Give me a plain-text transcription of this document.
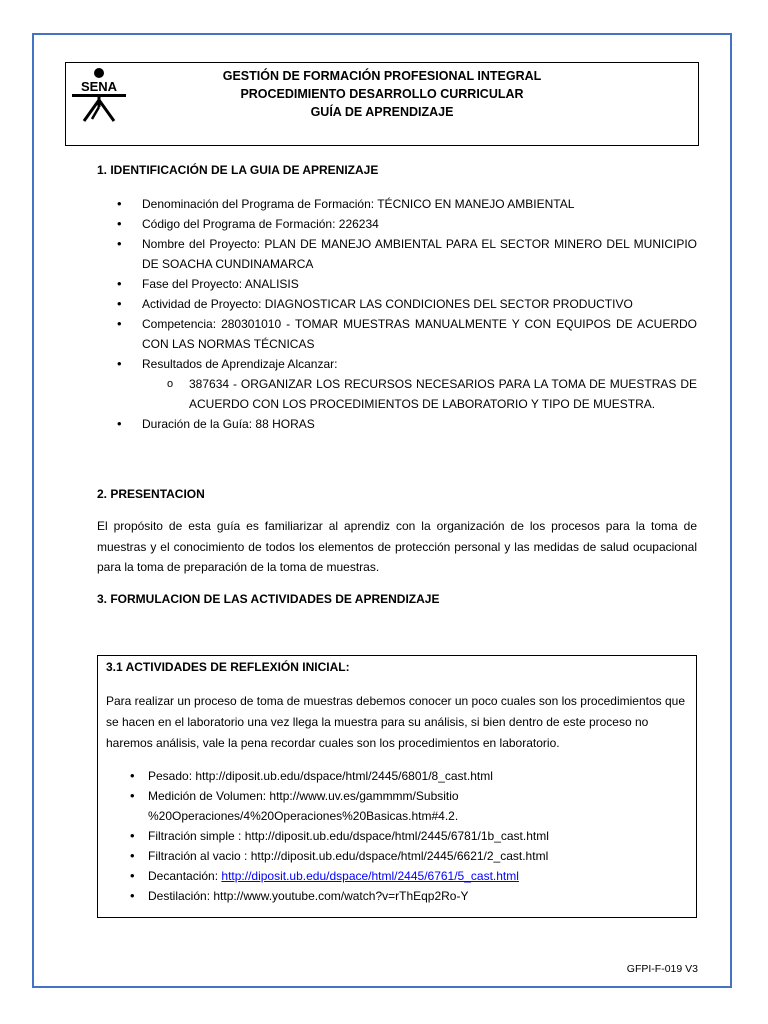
SENA
GESTIÓN DE FORMACIÓN PROFESIONAL INTEGRAL
PROCEDIMIENTO DESARROLLO CURRICULAR
GUÍA DE APRENDIZAJE
1. IDENTIFICACIÓN DE LA GUIA DE APRENIZAJE
• Denominación del Programa de Formación: TÉCNICO EN MANEJO AMBIENTAL
• Código del Programa de Formación: 226234
• Nombre del Proyecto: PLAN DE MANEJO AMBIENTAL PARA EL SECTOR MINERO DEL MUNICIPIO DE SOACHA CUNDINAMARCA
• Fase del Proyecto: ANALISIS
• Actividad de Proyecto: DIAGNOSTICAR LAS CONDICIONES DEL SECTOR PRODUCTIVO
• Competencia: 280301010 - TOMAR MUESTRAS MANUALMENTE Y CON EQUIPOS DE ACUERDO CON LAS NORMAS TÉCNICAS
• Resultados de Aprendizaje Alcanzar:
o 387634 - ORGANIZAR LOS RECURSOS NECESARIOS PARA LA TOMA DE MUESTRAS DE ACUERDO CON LOS PROCEDIMIENTOS DE LABORATORIO Y TIPO DE MUESTRA.
• Duración de la Guía: 88 HORAS
2. PRESENTACION
El propósito de esta guía es familiarizar al aprendiz con la organización de los procesos para la toma de muestras y el conocimiento de todos los elementos de protección personal y las medidas de salud ocupacional para la toma de preparación de la toma de muestras.
3. FORMULACION DE LAS ACTIVIDADES DE APRENDIZAJE
3.1 ACTIVIDADES DE REFLEXIÓN INICIAL:
Para realizar un proceso de toma de muestras debemos conocer un poco cuales son los procedimientos que se hacen en el laboratorio una vez llega la muestra para su análisis, si bien dentro de este proceso no haremos análisis, vale la pena recordar cuales son los procedimientos en laboratorio.
• Pesado: http://diposit.ub.edu/dspace/html/2445/6801/8_cast.html
• Medición de Volumen: http://www.uv.es/gammmm/Subsitio %20Operaciones/4%20Operaciones%20Basicas.htm#4.2.
• Filtración simple : http://diposit.ub.edu/dspace/html/2445/6781/1b_cast.html
• Filtración al vacio : http://diposit.ub.edu/dspace/html/2445/6621/2_cast.html
• Decantación: http://diposit.ub.edu/dspace/html/2445/6761/5_cast.html
• Destilación: http://www.youtube.com/watch?v=rThEqp2Ro-Y
GFPI-F-019 V3
